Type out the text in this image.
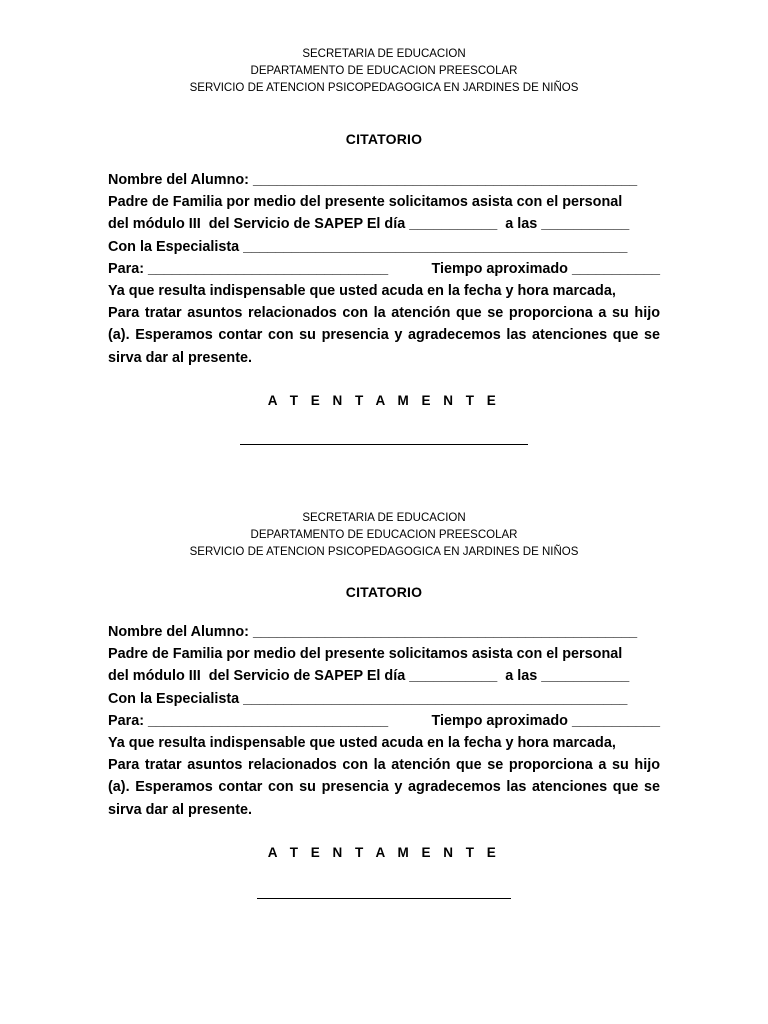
SECRETARIA DE EDUCACION
DEPARTAMENTO DE EDUCACION PREESCOLAR
SERVICIO DE ATENCION PSICOPEDAGOGICA EN JARDINES DE NIÑOS
CITATORIO
Nombre del Alumno: ________________________________________________
Padre de Familia por medio del presente solicitamos asista con el personal
del módulo III  del Servicio de SAPEP El día ___________  a las ___________
Con la Especialista ________________________________________________
Para: ______________________________	Tiempo aproximado ___________
Ya que resulta indispensable que usted acuda en la fecha y hora marcada,
Para tratar asuntos relacionados con la atención que se proporciona a su hijo (a). Esperamos contar con su presencia y agradecemos las atenciones que se sirva dar al presente.
A T E N T A M E N T E
SECRETARIA DE EDUCACION
DEPARTAMENTO DE EDUCACION PREESCOLAR
SERVICIO DE ATENCION PSICOPEDAGOGICA EN JARDINES DE NIÑOS
CITATORIO
Nombre del Alumno: ________________________________________________
Padre de Familia por medio del presente solicitamos asista con el personal
del módulo III  del Servicio de SAPEP El día ___________  a las ___________
Con la Especialista ________________________________________________
Para: ______________________________	Tiempo aproximado ___________
Ya que resulta indispensable que usted acuda en la fecha y hora marcada,
Para tratar asuntos relacionados con la atención que se proporciona a su hijo (a). Esperamos contar con su presencia y agradecemos las atenciones que se sirva dar al presente.
A T E N T A M E N T E
